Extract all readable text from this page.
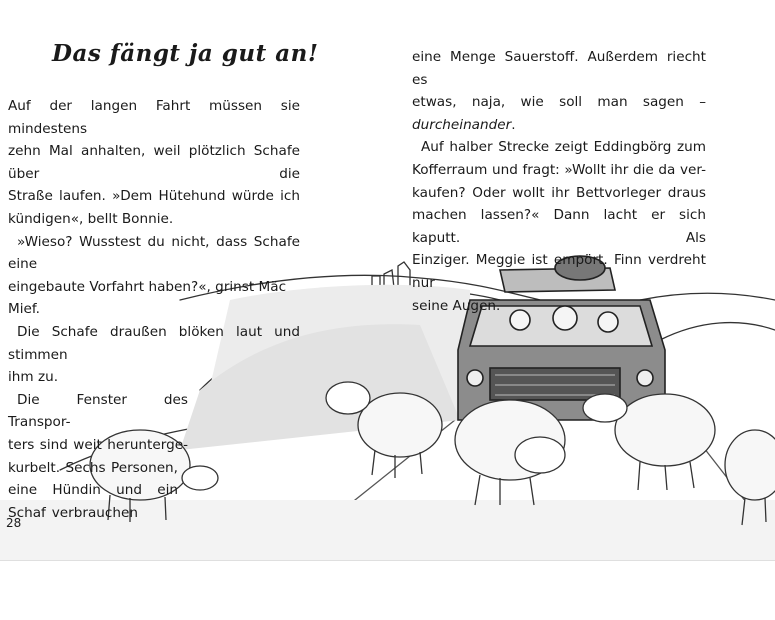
Das fängt ja gut an!

Auf der langen Fahrt müssen sie mindestens

zehn Mal anhalten, weil plötzlich Schafe über die

Straße laufen. »Dem Hütehund würde ich

kündigen«, bellt Bonnie.

»Wieso? Wusstest du nicht, dass Schafe eine

eingebaute Vorfahrt haben?«, grinst Mäc Mief.

Die Schafe draußen blöken laut und stimmen

ihm zu.

Die Fenster des Transpor-

ters sind weit herunterge-

kurbelt. Sechs Personen,

eine Hündin und ein

Schaf verbrauchen

eine Menge Sauerstoff. Außerdem riecht es

etwas, naja, wie soll man sagen – durcheinander.

Auf halber Strecke zeigt Eddingbörg zum

Kofferraum und fragt: »Wollt ihr die da ver-

kaufen? Oder wollt ihr Bettvorleger draus

machen lassen?« Dann lacht er sich kaputt. Als

Einziger. Meggie ist empört. Finn verdreht nur

seine Augen.

28
